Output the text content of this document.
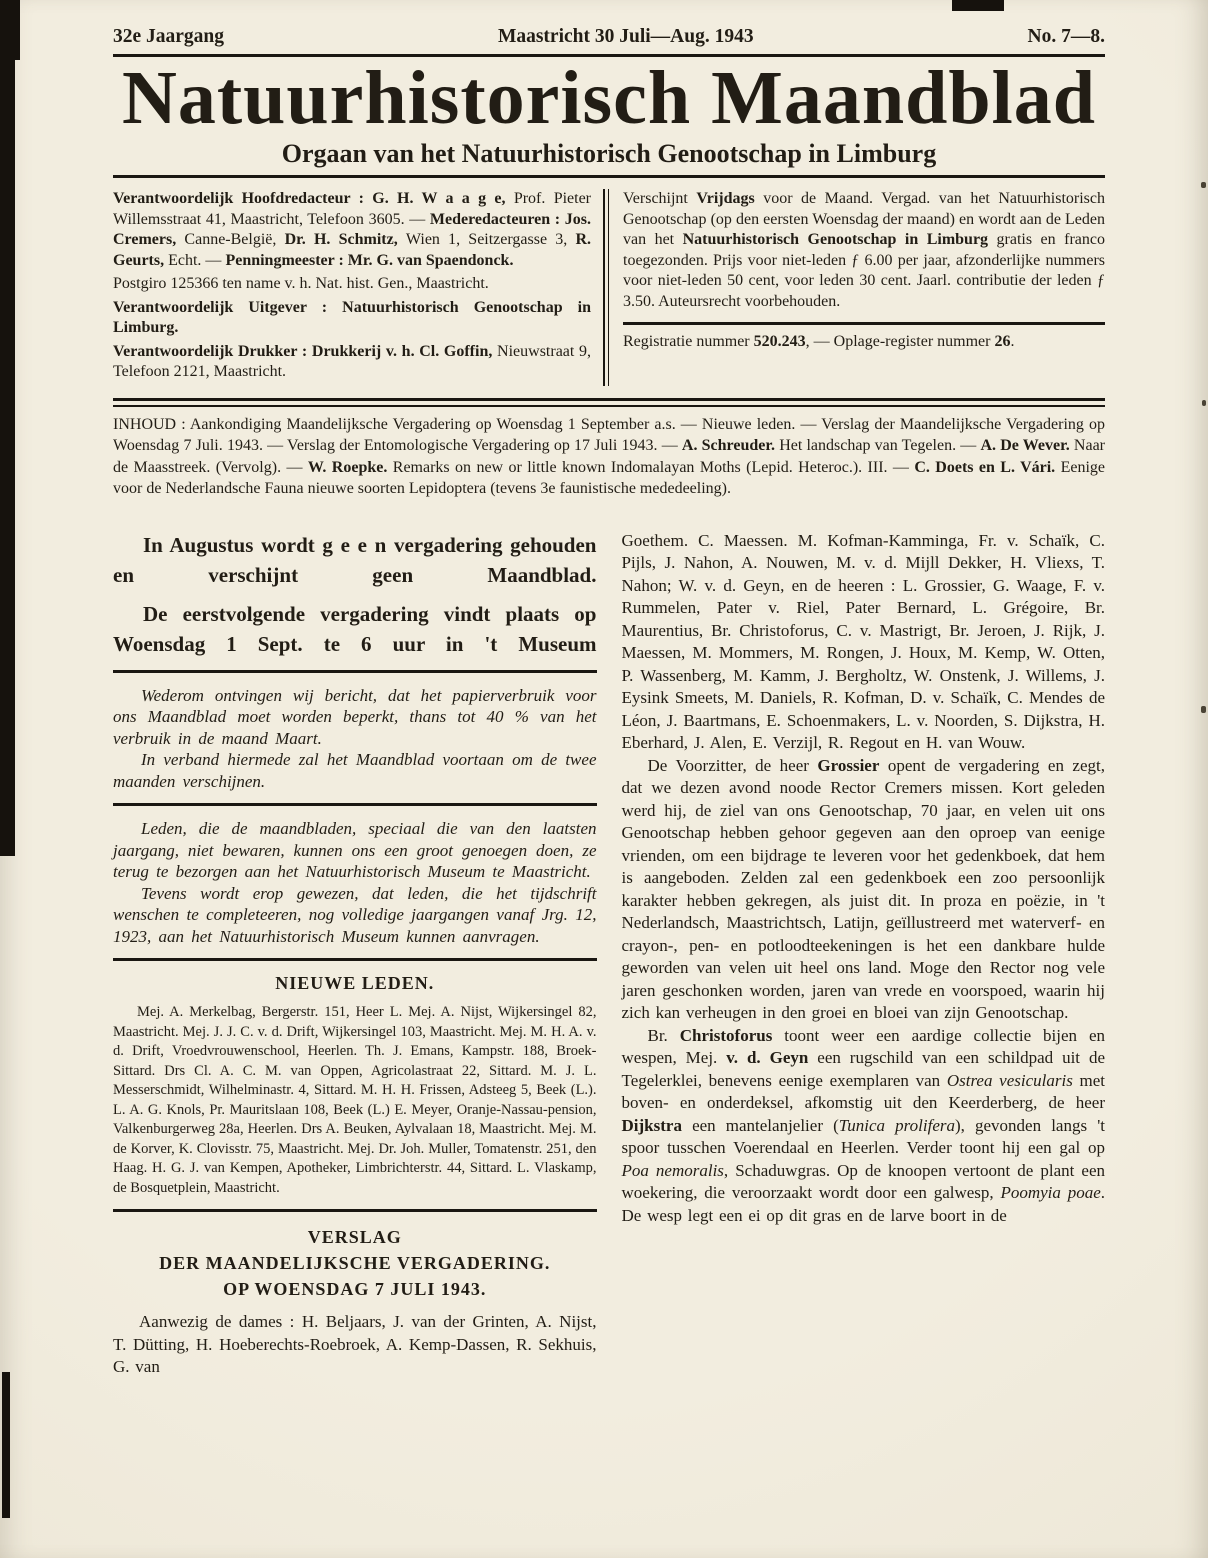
32e Jaargang	Maastricht 30 Juli—Aug. 1943	No. 7—8.
Natuurhistorisch Maandblad
Orgaan van het Natuurhistorisch Genootschap in Limburg

Verantwoordelijk Hoofdredacteur : G. H. W a a g e, Prof. Pieter Willemsstraat 41, Maastricht, Telefoon 3605. — Mederedacteuren : Jos. Cremers, Canne-België, Dr. H. Schmitz, Wien 1, Seitzergasse 3, R. Geurts, Echt. — Penningmeester : Mr. G. van Spaendonck.

Postgiro 125366 ten name v. h. Nat. hist. Gen., Maastricht.

Verantwoordelijk Uitgever : Natuurhistorisch Genootschap in Limburg.

Verantwoordelijk Drukker : Drukkerij v. h. Cl. Goffin, Nieuwstraat 9, Telefoon 2121, Maastricht.

Verschijnt Vrijdags voor de Maand. Vergad. van het Natuurhistorisch Genootschap (op den eersten Woensdag der maand) en wordt aan de Leden van het Natuurhistorisch Genootschap in Limburg gratis en franco toegezonden. Prijs voor niet-leden ƒ 6.00 per jaar, afzonderlijke nummers voor niet-leden 50 cent, voor leden 30 cent. Jaarl. contributie der leden ƒ 3.50. Auteursrecht voorbehouden.

Registratie nummer 520.243, — Oplage-register nummer 26.

INHOUD : Aankondiging Maandelijksche Vergadering op Woensdag 1 September a.s. — Nieuwe leden. — Verslag der Maandelijksche Vergadering op Woensdag 7 Juli. 1943. — Verslag der Entomologische Vergadering op 17 Juli 1943. — A. Schreuder. Het landschap van Tegelen. — A. De Wever. Naar de Maasstreek. (Vervolg). — W. Roepke. Remarks on new or little known Indomalayan Moths (Lepid. Heteroc.). III. — C. Doets en L. Vári. Eenige voor de Nederlandsche Fauna nieuwe soorten Lepidoptera (tevens 3e faunistische mededeeling).

In Augustus wordt g e e n vergadering gehouden en verschijnt geen Maandblad.

De eerstvolgende vergadering vindt plaats op Woensdag 1 Sept. te 6 uur in 't Museum

Wederom ontvingen wij bericht, dat het papierverbruik voor ons Maandblad moet worden beperkt, thans tot 40 % van het verbruik in de maand Maart.

In verband hiermede zal het Maandblad voortaan om de twee maanden verschijnen.

Leden, die de maandbladen, speciaal die van den laatsten jaargang, niet bewaren, kunnen ons een groot genoegen doen, ze terug te bezorgen aan het Natuurhistorisch Museum te Maastricht.

Tevens wordt erop gewezen, dat leden, die het tijdschrift wenschen te completeeren, nog volledige jaargangen vanaf Jrg. 12, 1923, aan het Natuurhistorisch Museum kunnen aanvragen.

NIEUWE LEDEN.

Mej. A. Merkelbag, Bergerstr. 151, Heer L. Mej. A. Nijst, Wijkersingel 82, Maastricht. Mej. J. J. C. v. d. Drift, Wijkersingel 103, Maastricht. Mej. M. H. A. v. d. Drift, Vroedvrouwenschool, Heerlen. Th. J. Emans, Kampstr. 188, Broek-Sittard. Drs Cl. A. C. M. van Oppen, Agricolastraat 22, Sittard. M. J. L. Messerschmidt, Wilhelminastr. 4, Sittard. M. H. H. Frissen, Adsteeg 5, Beek (L.). L. A. G. Knols, Pr. Mauritslaan 108, Beek (L.) E. Meyer, Oranje-Nassau-pension, Valkenburgerweg 28a, Heerlen. Drs A. Beuken, Aylvalaan 18, Maastricht. Mej. M. de Korver, K. Clovisstr. 75, Maastricht. Mej. Dr. Joh. Muller, Tomatenstr. 251, den Haag. H. G. J. van Kempen, Apotheker, Limbrichterstr. 44, Sittard. L. Vlaskamp, de Bosquetplein, Maastricht.

VERSLAG
DER MAANDELIJKSCHE VERGADERING.
OP WOENSDAG 7 JULI 1943.

Aanwezig de dames : H. Beljaars, J. van der Grinten, A. Nijst, T. Dütting, H. Hoeberechts-Roebroek, A. Kemp-Dassen, R. Sekhuis, G. van

Goethem. C. Maessen. M. Kofman-Kamminga, Fr. v. Schaïk, C. Pijls, J. Nahon, A. Nouwen, M. v. d. Mijll Dekker, H. Vliexs, T. Nahon; W. v. d. Geyn, en de heeren : L. Grossier, G. Waage, F. v. Rummelen, Pater v. Riel, Pater Bernard, L. Grégoire, Br. Maurentius, Br. Christoforus, C. v. Mastrigt, Br. Jeroen, J. Rijk, J. Maessen, M. Mommers, M. Rongen, J. Houx, M. Kemp, W. Otten, P. Wassenberg, M. Kamm, J. Bergholtz, W. Onstenk, J. Willems, J. Eysink Smeets, M. Daniels, R. Kofman, D. v. Schaïk, C. Mendes de Léon, J. Baartmans, E. Schoenmakers, L. v. Noorden, S. Dijkstra, H. Eberhard, J. Alen, E. Verzijl, R. Regout en H. van Wouw.

De Voorzitter, de heer Grossier opent de vergadering en zegt, dat we dezen avond noode Rector Cremers missen. Kort geleden werd hij, de ziel van ons Genootschap, 70 jaar, en velen uit ons Genootschap hebben gehoor gegeven aan den oproep van eenige vrienden, om een bijdrage te leveren voor het gedenkboek, dat hem is aangeboden. Zelden zal een gedenkboek een zoo persoonlijk karakter hebben gekregen, als juist dit. In proza en poëzie, in 't Nederlandsch, Maastrichtsch, Latijn, geïllustreerd met waterverf- en crayon-, pen- en potloodteekeningen is het een dankbare hulde geworden van velen uit heel ons land. Moge den Rector nog vele jaren geschonken worden, jaren van vrede en voorspoed, waarin hij zich kan verheugen in den groei en bloei van zijn Genootschap.

Br. Christoforus toont weer een aardige collectie bijen en wespen, Mej. v. d. Geyn een rugschild van een schildpad uit de Tegelerklei, benevens eenige exemplaren van Ostrea vesicularis met boven- en onderdeksel, afkomstig uit den Keerderberg, de heer Dijkstra een mantelanjelier (Tunica prolifera), gevonden langs 't spoor tusschen Voerendaal en Heerlen. Verder toont hij een gal op Poa nemoralis, Schaduwgras. Op de knoopen vertoont de plant een woekering, die veroorzaakt wordt door een galwesp, Poomyia poae. De wesp legt een ei op dit gras en de larve boort in de
